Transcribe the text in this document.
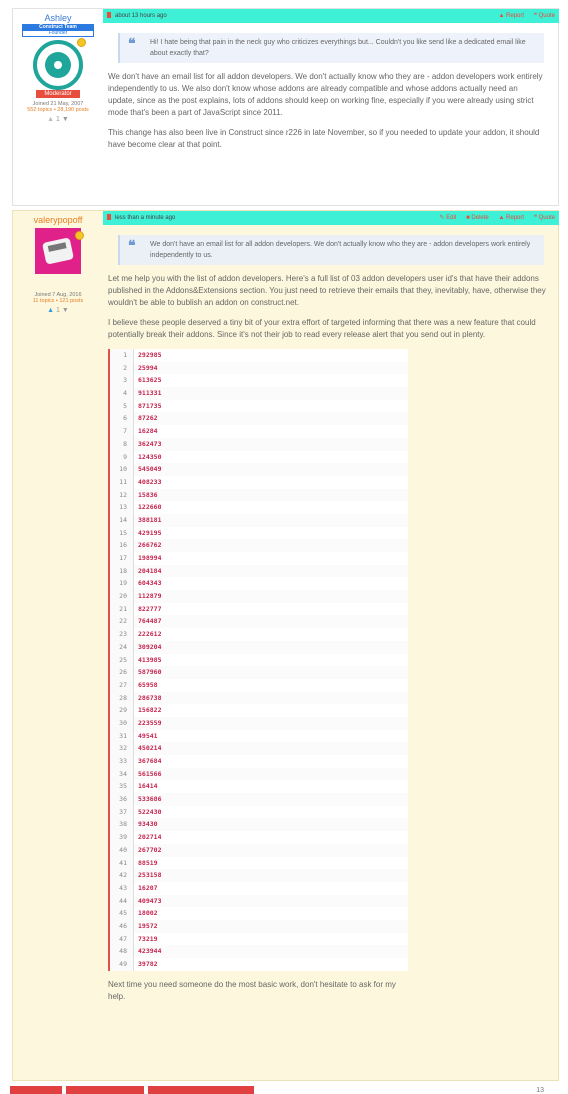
Ashley
Construct Team
Founder
Moderator
Joined 21 May, 2007
552 topics • 28,190 posts
▲ 1 ▼
about 13 hours ago	▲ Report ❝ Quote
❝ Hi! I hate being that pain in the neck guy who criticizes everythings but... Couldn't you like send like a dedicated email like about exactly that?
We don't have an email list for all addon developers. We don't actually know who they are - addon developers work entirely independently to us. We also don't know whose addons are already compatible and whose addons actually need an update, since as the post explains, lots of addons should keep on working fine, especially if you were already using strict mode that's been a part of JavaScript since 2011.
This change has also been live in Construct since r226 in late November, so if you needed to update your addon, it should have become clear at that point.
valerypopoff
Joined 7 Aug, 2016
11 topics • 121 posts
▲ 1 ▼
less than a minute ago	✎ Edit ■ Delete ▲ Report ❝ Quote
❝ We don't have an email list for all addon developers. We don't actually know who they are - addon developers work entirely independently to us.
Let me help you with the list of addon developers. Here's a full list of 03 addon developers user id's that have their addons published in the Addons&Extensions section. You just need to retrieve their emails that they, inevitably, have, otherwise they wouldn't be able to bublish an addon on construct.net.
I believe these people deserved a tiny bit of your extra effort of targeted informing that there was a new feature that could potentially break their addons. Since it's not their job to read every release alert that you send out in plenty.
1	292985
2	25994
3	613625
4	911331
5	871735
6	87262
7	16284
8	362473
9	124350
10	545049
11	408233
12	15836
13	122660
14	388181
15	429195
16	266762
17	198994
18	204184
19	604343
20	112879
21	822777
22	764487
23	222612
24	309204
25	413985
26	587960
27	65958
28	286738
29	156822
30	223559
31	49541
32	450214
33	367684
34	561566
35	16414
36	533686
37	522430
38	93430
39	202714
40	267702
41	88519
42	253158
43	16207
44	409473
45	18002
46	19572
47	73219
48	423944
49	39782
Next time you need someone do the most basic work, don't hesitate to ask for my help.

13
